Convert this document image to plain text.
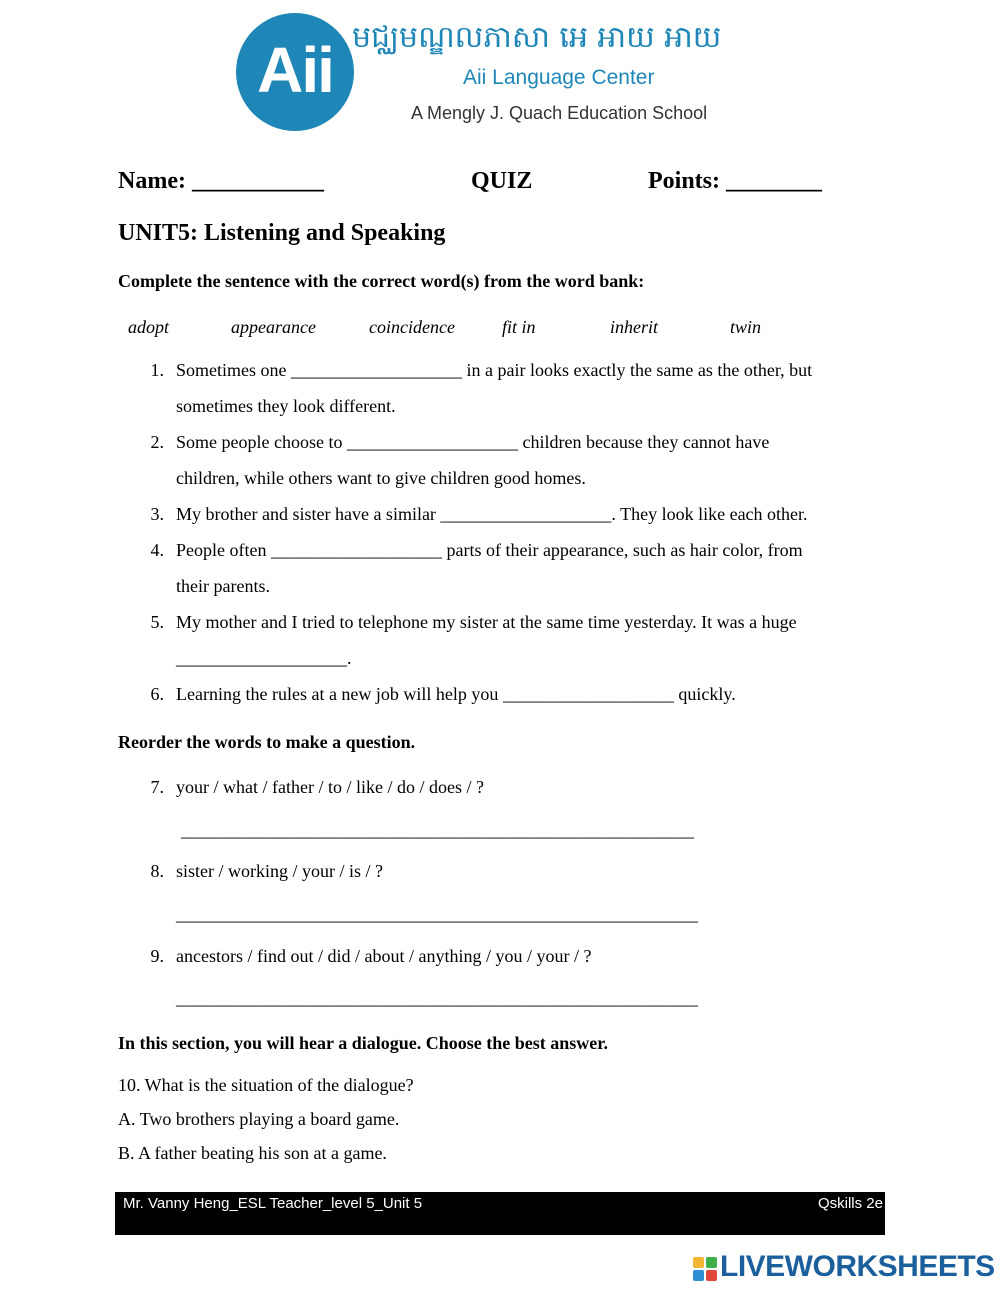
Aii មជ្ឈមណ្ឌលភាសា អេ អាយ អាយ
Aii Language Center
A Mengly J. Quach Education School
Name: ___________	QUIZ	Points: ________
UNIT5: Listening and Speaking
Complete the sentence with the correct word(s) from the word bank:
adopt	appearance	coincidence	fit in	inherit	twin
1. Sometimes one ___________________ in a pair looks exactly the same as the other, but
sometimes they look different.
2. Some people choose to ___________________ children because they cannot have
children, while others want to give children good homes.
3. My brother and sister have a similar ___________________. They look like each other.
4. People often ___________________ parts of their appearance, such as hair color, from
their parents.
5. My mother and I tried to telephone my sister at the same time yesterday. It was a huge
___________________.
6. Learning the rules at a new job will help you ___________________ quickly.
Reorder the words to make a question.
7. your / what / father / to / like / do / does / ?
_________________________________________________________
8. sister / working / your / is / ?
__________________________________________________________
9. ancestors / find out / did / about / anything / you / your / ?
__________________________________________________________
In this section, you will hear a dialogue. Choose the best answer.
10. What is the situation of the dialogue?
A. Two brothers playing a board game.
B. A father beating his son at a game.
Mr. Vanny Heng_ESL Teacher_level 5_Unit 5	Qskills 2e
LIVEWORKSHEETS
